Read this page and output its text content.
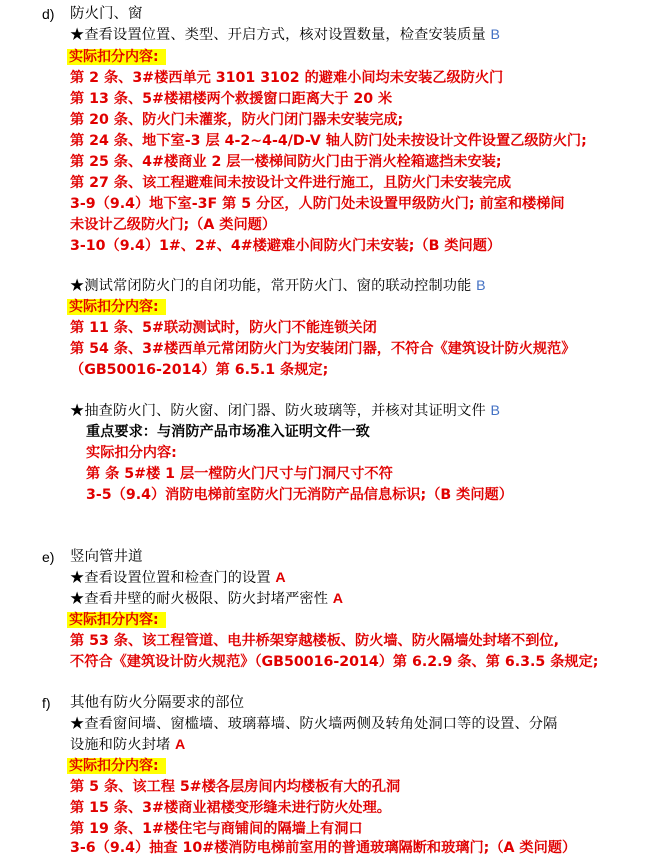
d) 防火门、窗
★查看设置位置、类型、开启方式，核对设置数量，检查安装质量 B
实际扣分内容:
第 2 条、3#楼西单元 3101 3102 的避难小间均未安装乙级防火门
第 13 条、5#楼裙楼两个救援窗口距离大于 20 米
第 20 条、防火门未灌浆，防火门闭门器未安装完成;
第 24 条、地下室-3 层 4-2~4-4/D-V 轴人防门处未按设计文件设置乙级防火门;
第 25 条、4#楼商业 2 层一楼梯间防火门由于消火栓箱遮挡未安装;
第 27 条、该工程避难间未按设计文件进行施工，且防火门未安装完成
3-9（9.4）地下室-3F 第 5 分区，人防门处未设置甲级防火门; 前室和楼梯间
未设计乙级防火门;（A 类问题）
3-10（9.4）1#、2#、4#楼避难小间防火门未安装;（B 类问题）
★测试常闭防火门的自闭功能，常开防火门、窗的联动控制功能 B
实际扣分内容:
第 11 条、5#联动测试时，防火门不能连锁关闭
第 54 条、3#楼西单元常闭防火门为安装闭门器，不符合《建筑设计防火规范》
（GB50016-2014）第 6.5.1 条规定;
★抽查防火门、防火窗、闭门器、防火玻璃等，并核对其证明文件 B
重点要求：与消防产品市场准入证明文件一致
实际扣分内容:
第 条 5#楼 1 层一樘防火门尺寸与门洞尺寸不符
3-5（9.4）消防电梯前室防火门无消防产品信息标识;（B 类问题）
e) 竖向管井道
★查看设置位置和检查门的设置 A
★查看井壁的耐火极限、防火封堵严密性 A
实际扣分内容:
第 53 条、该工程管道、电井桥架穿越楼板、防火墙、防火隔墙处封堵不到位,
不符合《建筑设计防火规范》（GB50016-2014）第 6.2.9 条、第 6.3.5 条规定;
f) 其他有防火分隔要求的部位
★查看窗间墙、窗槛墙、玻璃幕墙、防火墙两侧及转角处洞口等的设置、分隔
设施和防火封堵 A
实际扣分内容:
第 5 条、该工程 5#楼各层房间内均楼板有大的孔洞
第 15 条、3#楼商业裙楼变形缝未进行防火处理。
第 19 条、1#楼住宅与商铺间的隔墙上有洞口
3-6（9.4）抽查 10#楼消防电梯前室用的普通玻璃隔断和玻璃门;（A 类问题）
